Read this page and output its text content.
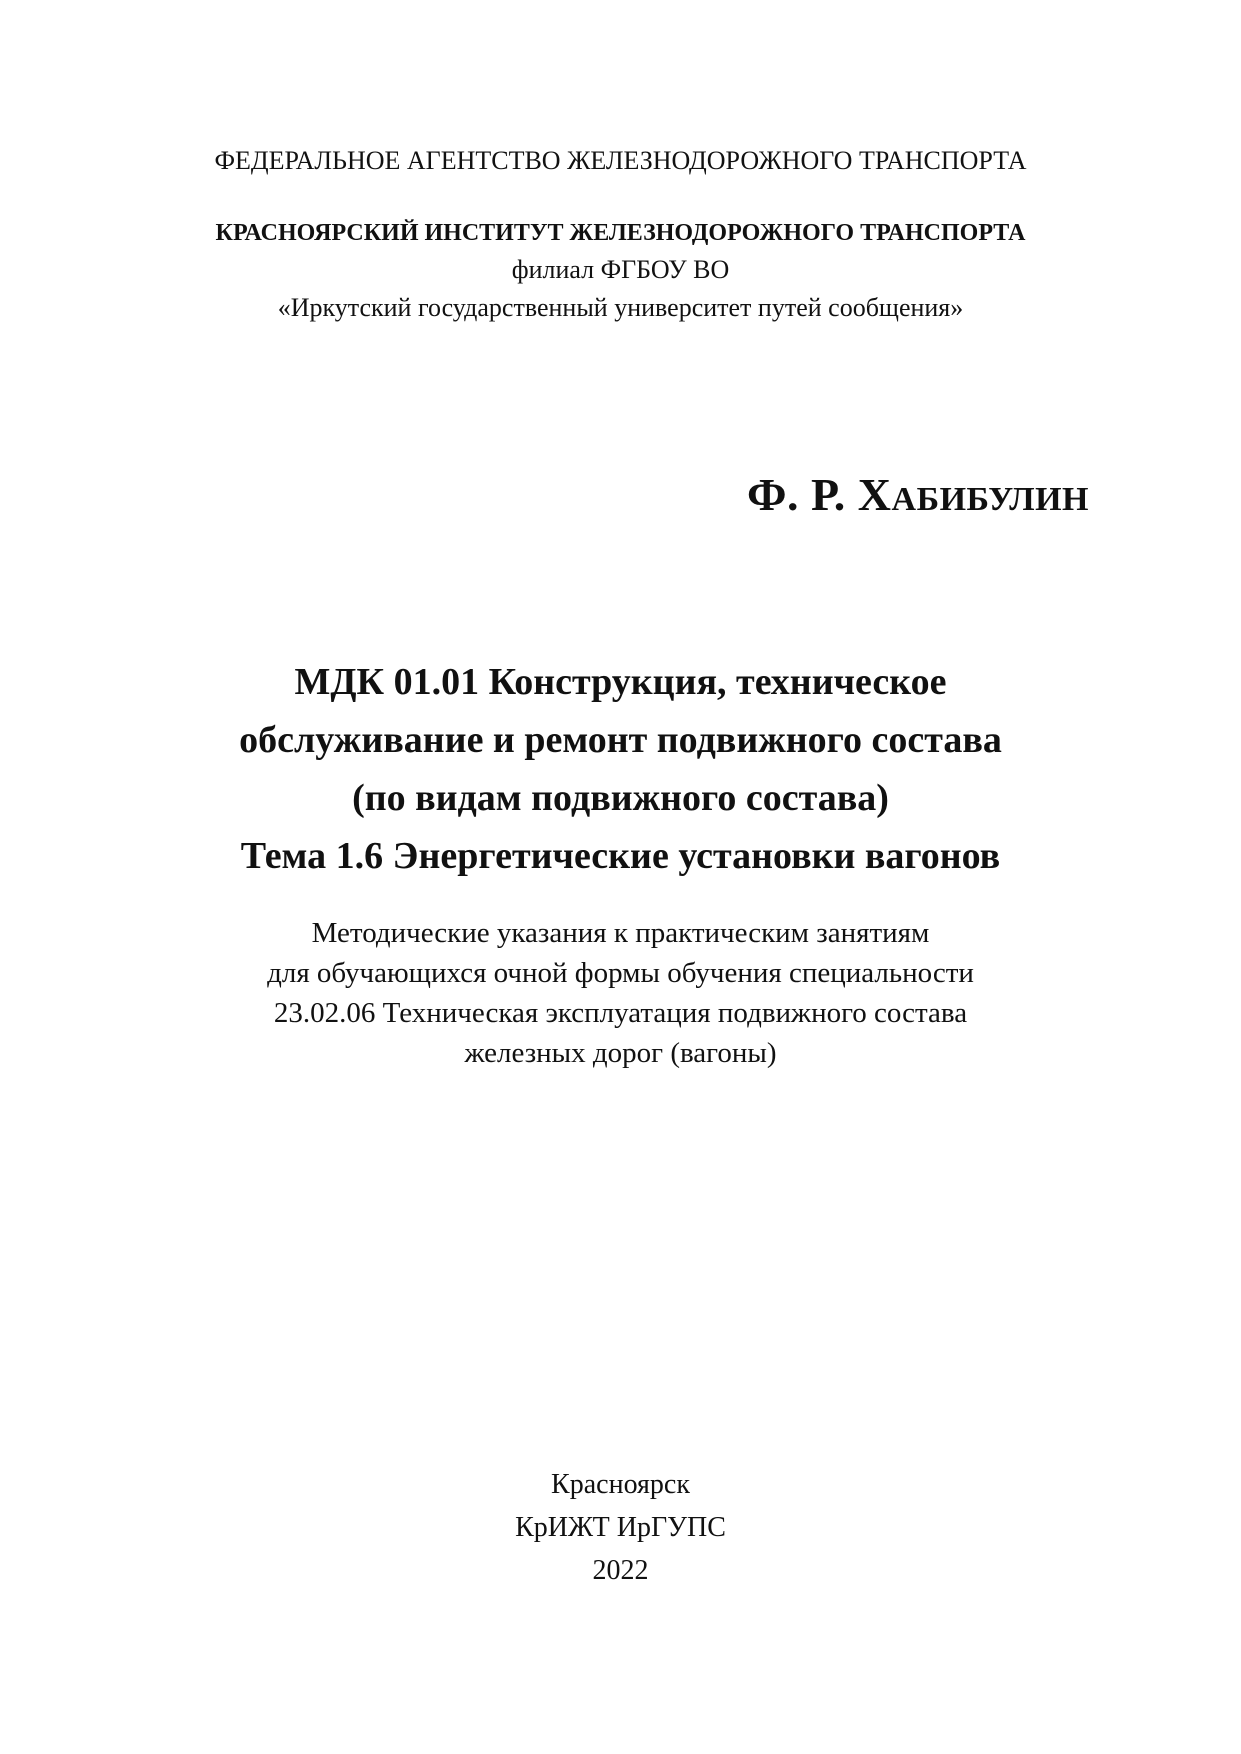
ФЕДЕРАЛЬНОЕ АГЕНТСТВО ЖЕЛЕЗНОДОРОЖНОГО ТРАНСПОРТА

КРАСНОЯРСКИЙ ИНСТИТУТ ЖЕЛЕЗНОДОРОЖНОГО ТРАНСПОРТА

филиал ФГБОУ ВО

«Иркутский государственный университет путей сообщения»

Ф. Р. ХАБИБУЛИН

МДК 01.01 Конструкция, техническое

обслуживание и ремонт подвижного состава

(по видам подвижного состава)

Тема 1.6 Энергетические установки вагонов

Методические указания к практическим занятиям

для обучающихся очной формы обучения специальности

23.02.06 Техническая эксплуатация подвижного состава

железных дорог (вагоны)

Красноярск

КрИЖТ ИрГУПС

2022
